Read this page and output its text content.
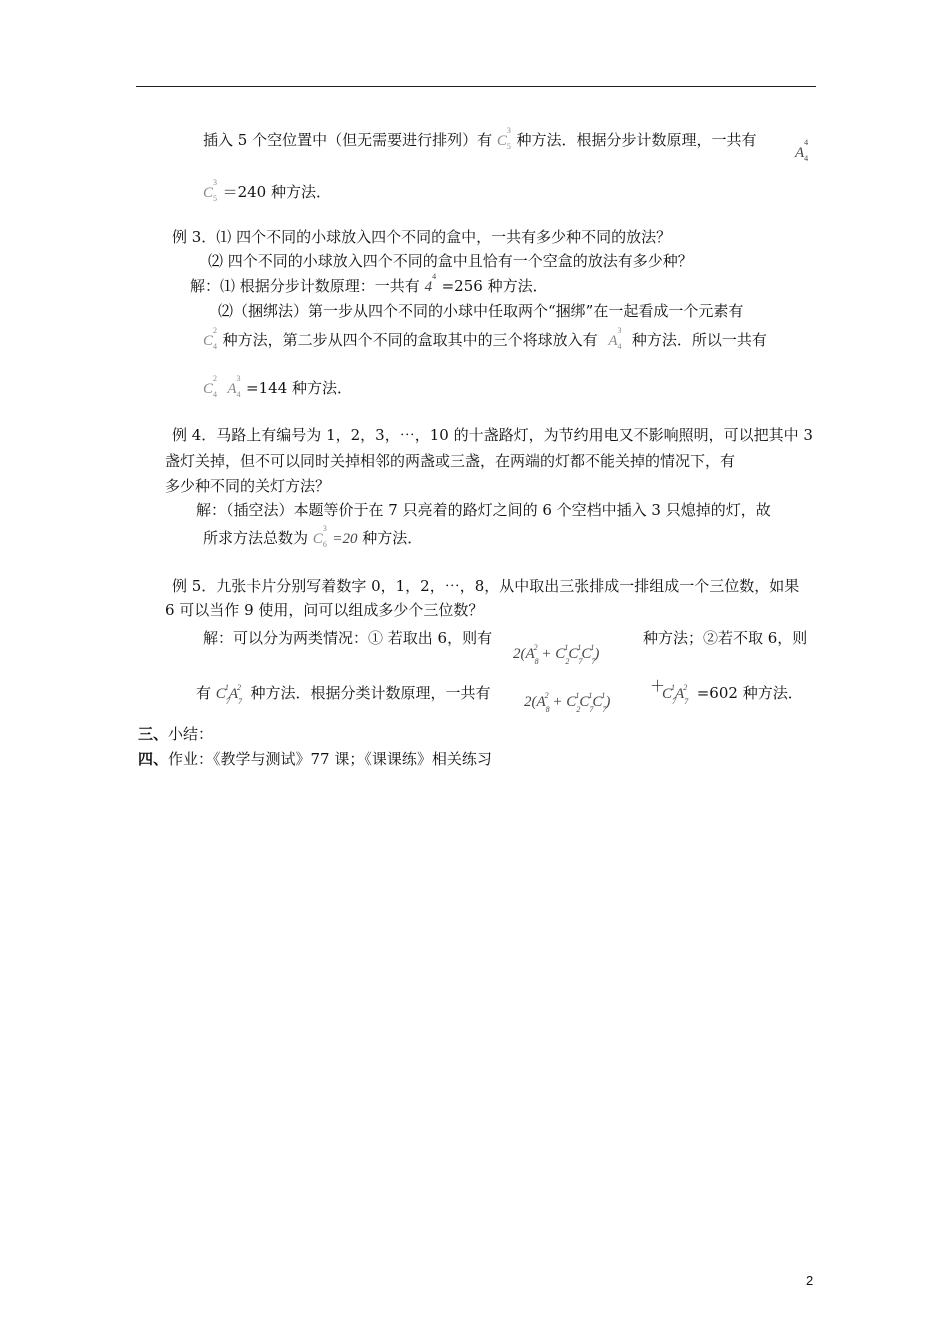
插入 5 个空位置中（但无需要进行排列）有 C 5
3
种方法．根据分步计数原理，一共有
A 4
4
C 5
3
＝240 种方法．
例 3．⑴ 四个不同的小球放入四个不同的盒中，一共有多少种不同的放法？
⑵ 四个不同的小球放入四个不同的盒中且恰有一个空盒的放法有多少种？
解：⑴ 根据分步计数原理：一共有 4
4
=256 种方法．
⑵（捆绑法）第一步从四个不同的小球中任取两个“捆绑”在一起看成一个元素有
C 4
2
种方法，第二步从四个不同的盒取其中的三个将球放入有 A 4
3
种方法．所以一共有
C 4
2
A 4
3
=144 种方法．
例 4．马路上有编号为 1，2，3，⋯，10 的十盏路灯，为节约用电又不影响照明，可以把其中 3
盏灯关掉，但不可以同时关掉相邻的两盏或三盏，在两端的灯都不能关掉的情况下，有
多少种不同的关灯方法？
解：（插空法）本题等价于在 7 只亮着的路灯之间的 6 个空档中插入 3 只熄掉的灯，故
所求方法总数为 C 6
3
=20 种方法．
例 5．九张卡片分别写着数字 0，1，2，⋯，8，从中取出三张排成一排组成一个三位数，如果
6 可以当作 9 使用，问可以组成多少个三位数？
解：可以分为两类情况：① 若取出 6，则有
$2(A_8^2 + C_2^1C_7^1C_7^1)$
种方法；②若不取 6，则
有 $C_7^1A_7^2$ 种方法．根据分类计数原理，一共有 $2(A_8^2 + C_2^1C_7^1C_7^1)$
＋
$C_7^1A_7^2 =602$ 种方法．
三、小结：
四、作业：《教学与测试》77 课；《课课练》相关练习
2
